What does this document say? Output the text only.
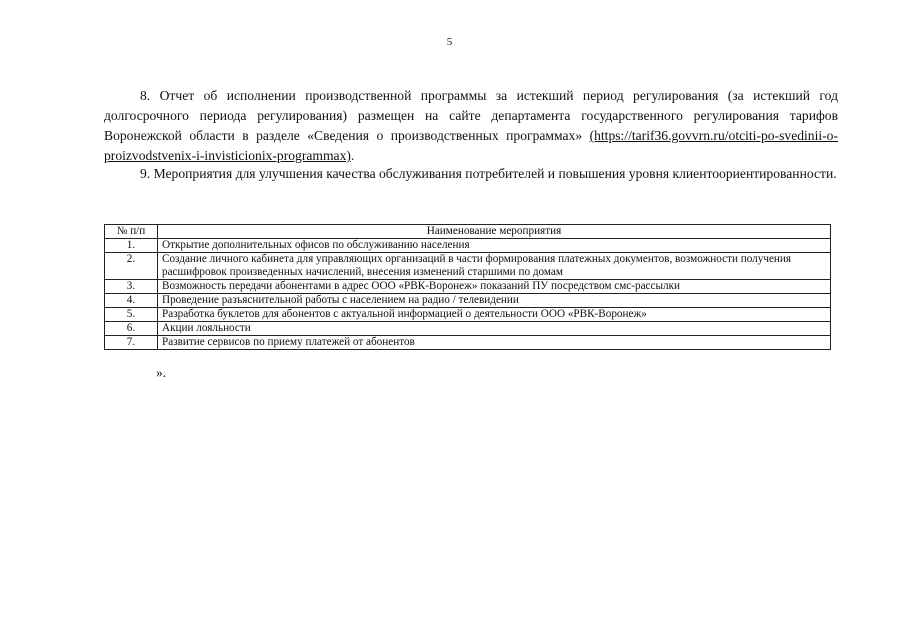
5

8. Отчет об исполнении производственной программы за истекший период регулирования (за истекший год долгосрочного периода регулирования) размещен на сайте департамента государственного регулирования тарифов Воронежской области в разделе «Сведения о производственных программах» (https://tarif36.govvrn.ru/otciti-po-svedinii-o-proizvodstvenix-i-invisticionix-programmax).

9. Мероприятия для улучшения качества обслуживания потребителей и повышения уровня клиентоориентированности.

№ п/п	Наименование мероприятия
1.	Открытие дополнительных офисов по обслуживанию населения
2.	Создание личного кабинета для управляющих организаций в части формирования платежных документов, возможности получения расшифровок произведенных начислений, внесения изменений старшими по домам
3.	Возможность передачи абонентами в адрес ООО «РВК-Воронеж» показаний ПУ посредством смс-рассылки
4.	Проведение разъяснительной работы с населением на радио / телевидении
5.	Разработка буклетов для абонентов с актуальной информацией о деятельности ООО «РВК-Воронеж»
6.	Акции лояльности
7.	Развитие сервисов по приему платежей от абонентов
».
